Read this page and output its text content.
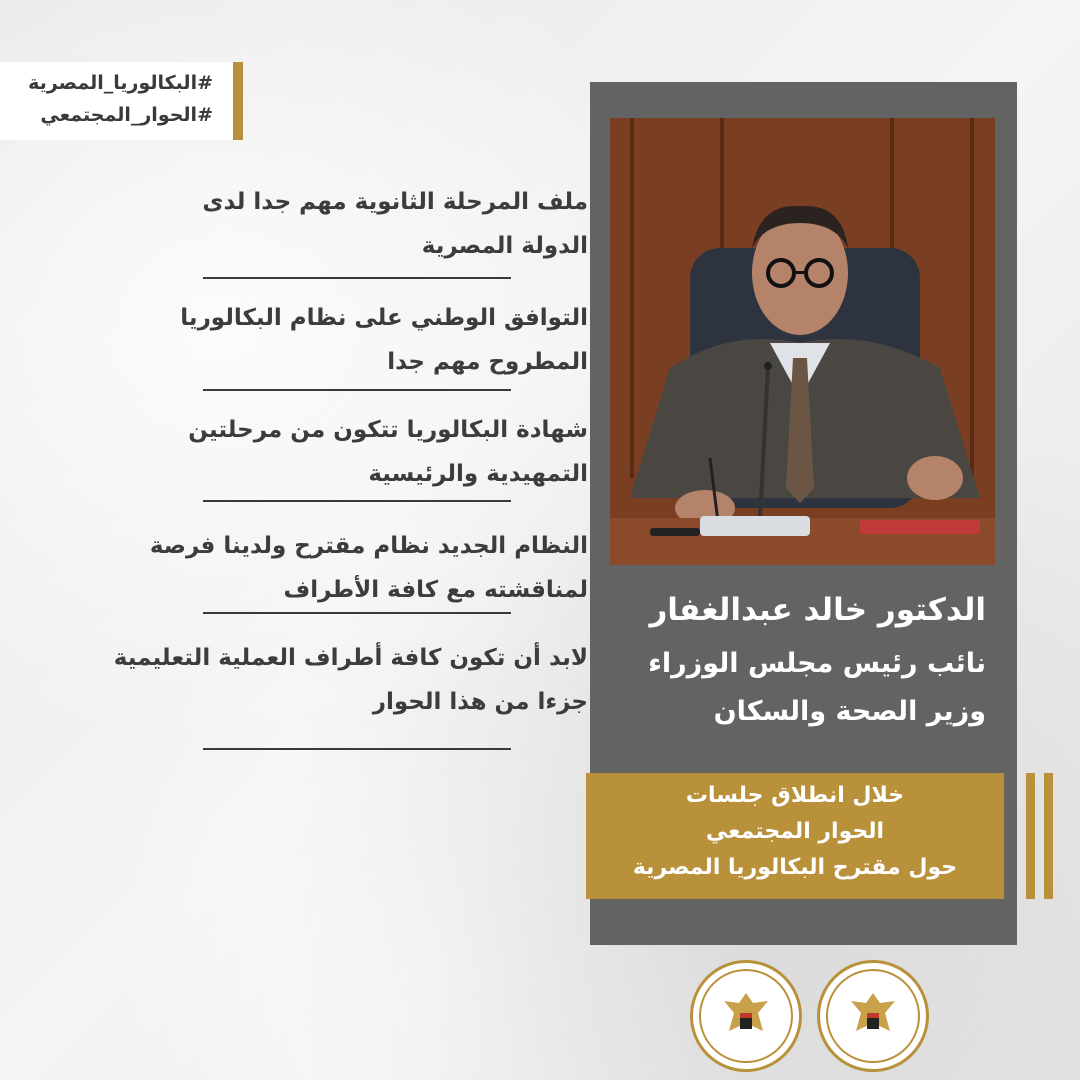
#البكالوريا_المصرية
#الحوار_المجتمعي
ملف المرحلة الثانوية مهم جدا لدى
الدولة المصرية
التوافق الوطني على نظام البكالوريا
المطروح مهم جدا
شهادة البكالوريا تتكون من مرحلتين
التمهيدية والرئيسية
النظام الجديد نظام مقترح ولدينا فرصة
لمناقشته مع كافة الأطراف
لابد أن تكون كافة أطراف العملية التعليمية
جزءا من هذا الحوار
الدكتور خالد عبدالغفار
نائب رئيس مجلس الوزراء
وزير الصحة والسكان
خلال انطلاق جلسات
الحوار المجتمعي
حول مقترح البكالوريا المصرية
